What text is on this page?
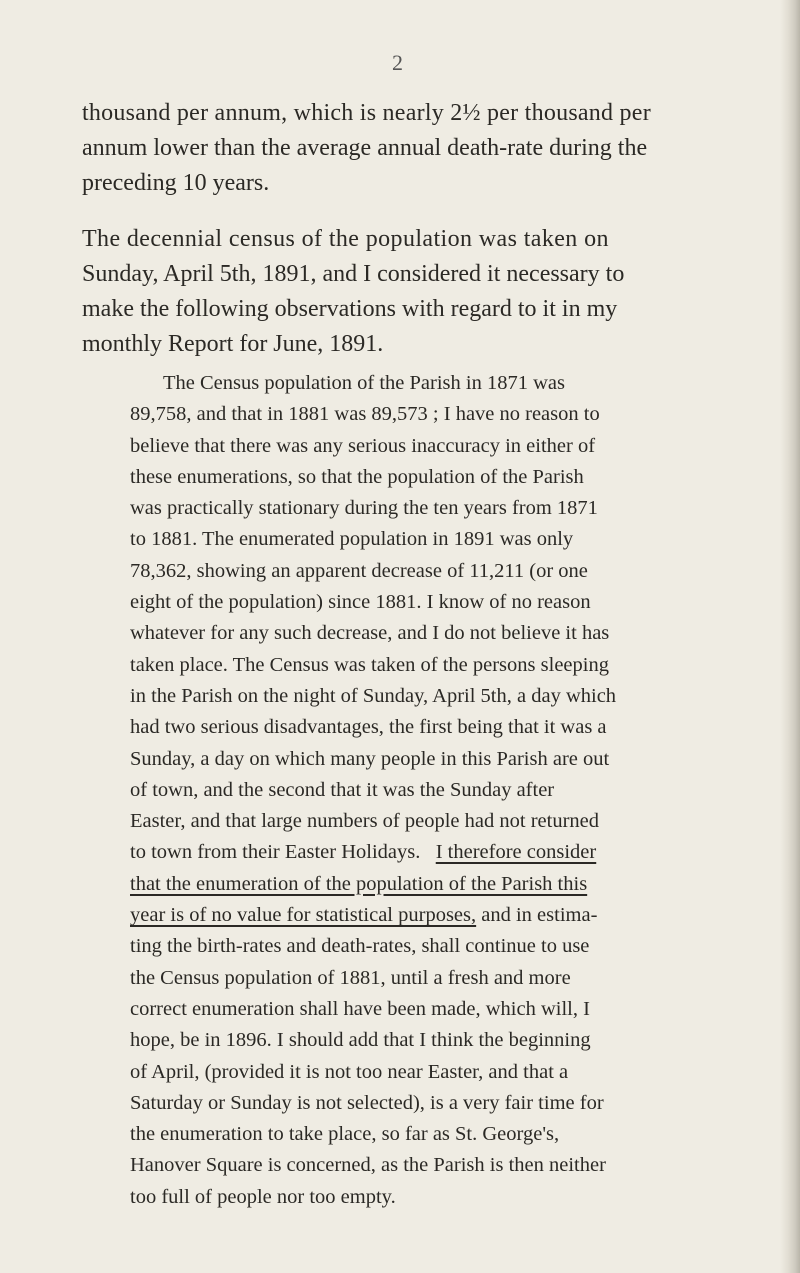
2
thousand per annum, which is nearly 2½ per thousand per
annum lower than the average annual death-rate during the
preceding 10 years.
The decennial census of the population was taken on
Sunday, April 5th, 1891, and I considered it necessary to
make the following observations with regard to it in my
monthly Report for June, 1891.
The Census population of the Parish in 1871 was
89,758, and that in 1881 was 89,573 ; I have no reason to
believe that there was any serious inaccuracy in either of
these enumerations, so that the population of the Parish
was practically stationary during the ten years from 1871
to 1881. The enumerated population in 1891 was only
78,362, showing an apparent decrease of 11,211 (or one
eight of the population) since 1881. I know of no reason
whatever for any such decrease, and I do not believe it has
taken place. The Census was taken of the persons sleeping
in the Parish on the night of Sunday, April 5th, a day which
had two serious disadvantages, the first being that it was a
Sunday, a day on which many people in this Parish are out
of town, and the second that it was the Sunday after
Easter, and that large numbers of people had not returned
to town from their Easter Holidays. I therefore consider
that the enumeration of the population of the Parish this
year is of no value for statistical purposes, and in estima-
ting the birth-rates and death-rates, shall continue to use
the Census population of 1881, until a fresh and more
correct enumeration shall have been made, which will, I
hope, be in 1896. I should add that I think the beginning
of April, (provided it is not too near Easter, and that a
Saturday or Sunday is not selected), is a very fair time for
the enumeration to take place, so far as St. George's,
Hanover Square is concerned, as the Parish is then neither
too full of people nor too empty.
